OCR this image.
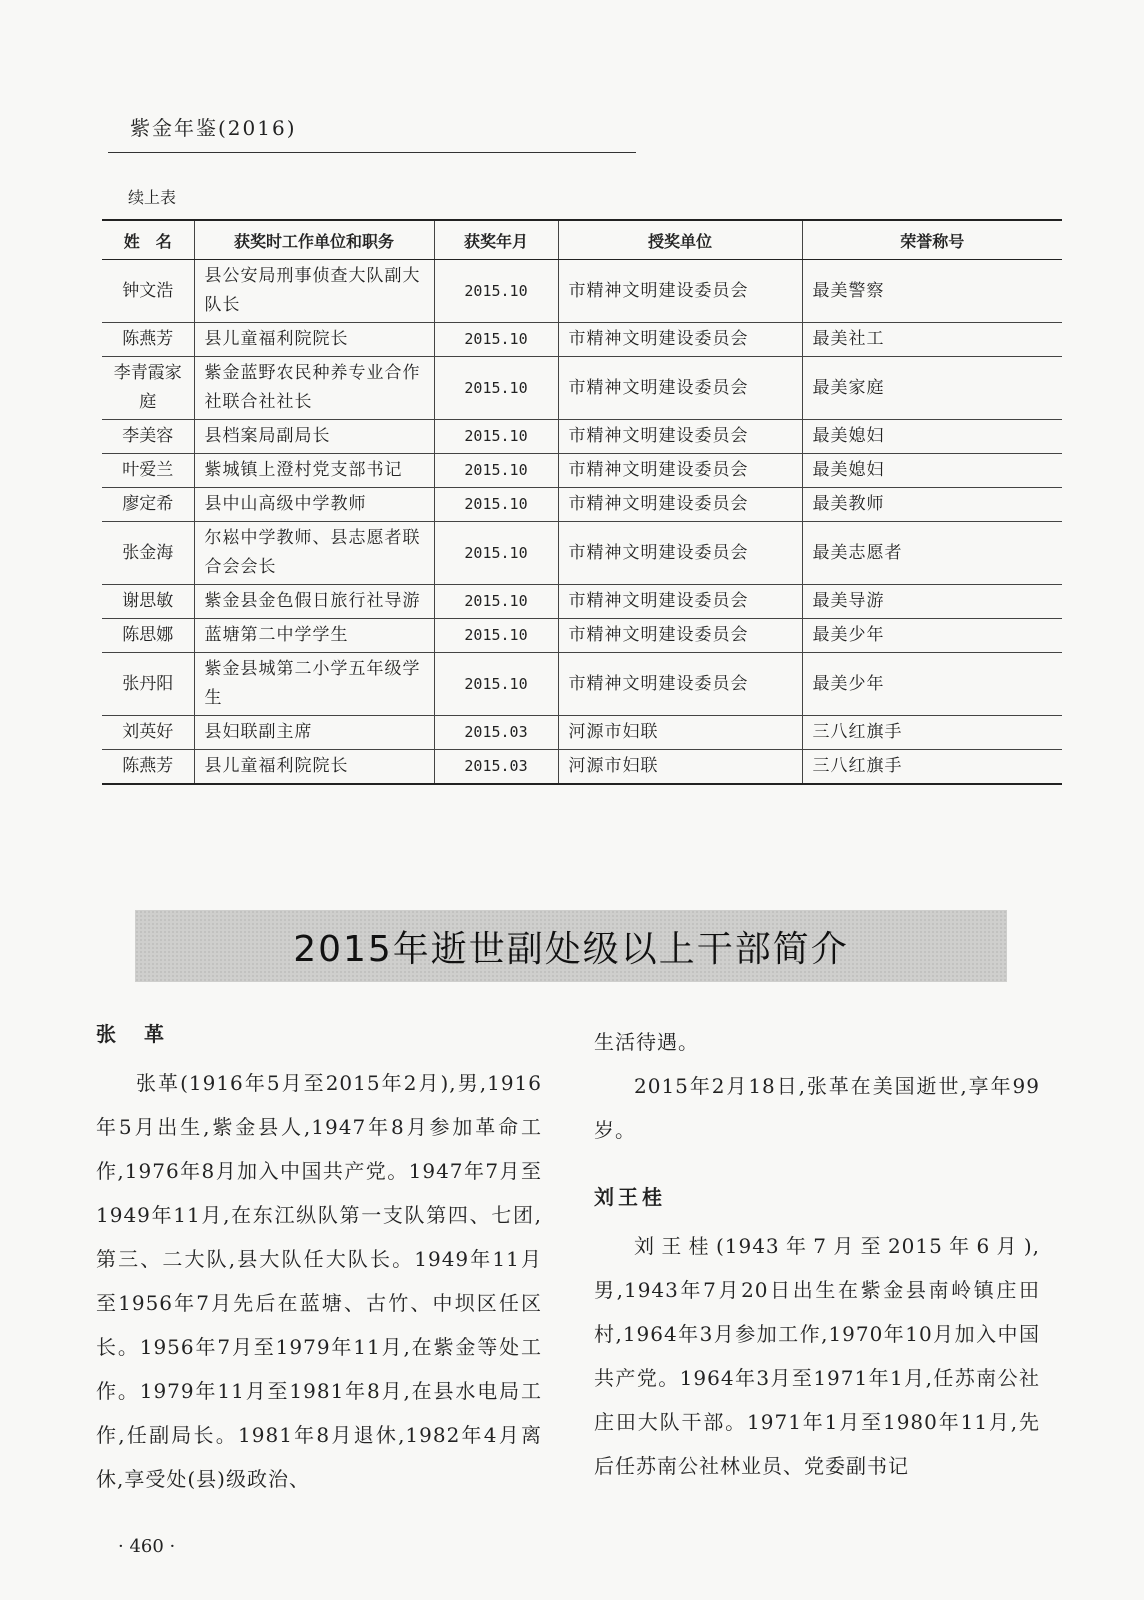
紫金年鉴(2016)
续上表
姓　名	获奖时工作单位和职务	获奖年月	授奖单位	荣誉称号
钟文浩	县公安局刑事侦查大队副大队长	2015.10	市精神文明建设委员会	最美警察
陈燕芳	县儿童福利院院长	2015.10	市精神文明建设委员会	最美社工
李青霞家庭	紫金蓝野农民种养专业合作社联合社社长	2015.10	市精神文明建设委员会	最美家庭
李美容	县档案局副局长	2015.10	市精神文明建设委员会	最美媳妇
叶爱兰	紫城镇上澄村党支部书记	2015.10	市精神文明建设委员会	最美媳妇
廖定希	县中山高级中学教师	2015.10	市精神文明建设委员会	最美教师
张金海	尔崧中学教师、县志愿者联合会会长	2015.10	市精神文明建设委员会	最美志愿者
谢思敏	紫金县金色假日旅行社导游	2015.10	市精神文明建设委员会	最美导游
陈思娜	蓝塘第二中学学生	2015.10	市精神文明建设委员会	最美少年
张丹阳	紫金县城第二小学五年级学生	2015.10	市精神文明建设委员会	最美少年
刘英好	县妇联副主席	2015.03	河源市妇联	三八红旗手
陈燕芳	县儿童福利院院长	2015.03	河源市妇联	三八红旗手
2015年逝世副处级以上干部简介
张　革

张革(1916年5月至2015年2月),男,1916年5月出生,紫金县人,1947年8月参加革命工作,1976年8月加入中国共产党。1947年7月至1949年11月,在东江纵队第一支队第四、七团,第三、二大队,县大队任大队长。1949年11月至1956年7月先后在蓝塘、古竹、中坝区任区长。1956年7月至1979年11月,在紫金等处工作。1979年11月至1981年8月,在县水电局工作,任副局长。1981年8月退休,1982年4月离休,享受处(县)级政治、

生活待遇。

2015年2月18日,张革在美国逝世,享年99岁。

刘王桂

刘王桂(1943年7月至2015年6月),男,1943年7月20日出生在紫金县南岭镇庄田村,1964年3月参加工作,1970年10月加入中国共产党。1964年3月至1971年1月,任苏南公社庄田大队干部。1971年1月至1980年11月,先后任苏南公社林业员、党委副书记

· 460 ·
